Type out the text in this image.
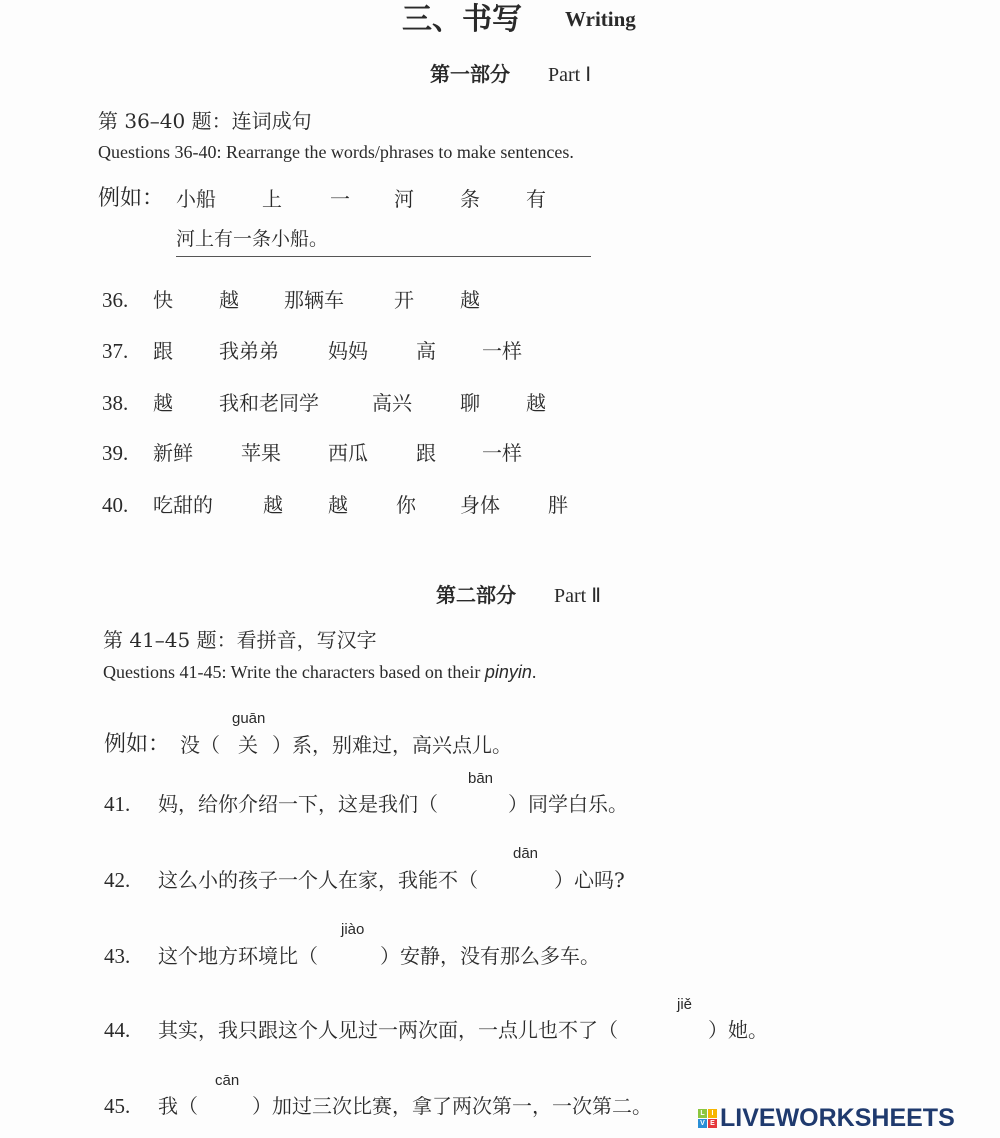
三、书写 Writing
第一部分 Part Ⅰ
第 36–40 题：连词成句
Questions 36-40: Rearrange the words/phrases to make sentences.
例如： 小船 上 一 河 条 有
河上有一条小船。
36. 快 越 那辆车	开 越
37. 跟 我弟弟 妈妈 高 一样
38. 越 我和老同学	高兴 聊 越
39. 新鲜 苹果 西瓜 跟 一样
40. 吃甜的	越 越 你 身体 胖
第二部分 Part Ⅱ
第 41–45 题：看拼音，写汉字
Questions 41-45: Write the characters based on their pinyin.
guān
例如： 没（ 关 ）系，别难过，高兴点儿。
bān
41. 妈，给你介绍一下，这是我们（	）同学白乐。
dān
42. 这么小的孩子一个人在家，我能不（	）心吗?
jiào
43. 这个地方环境比（	）安静，没有那么多车。
jiě
44. 其实，我只跟这个人见过一两次面，一点儿也不了（	）她。
cān
45. 我（	）加过三次比赛，拿了两次第一，一次第二。	L I
V E LIVEWORKSHEETS
